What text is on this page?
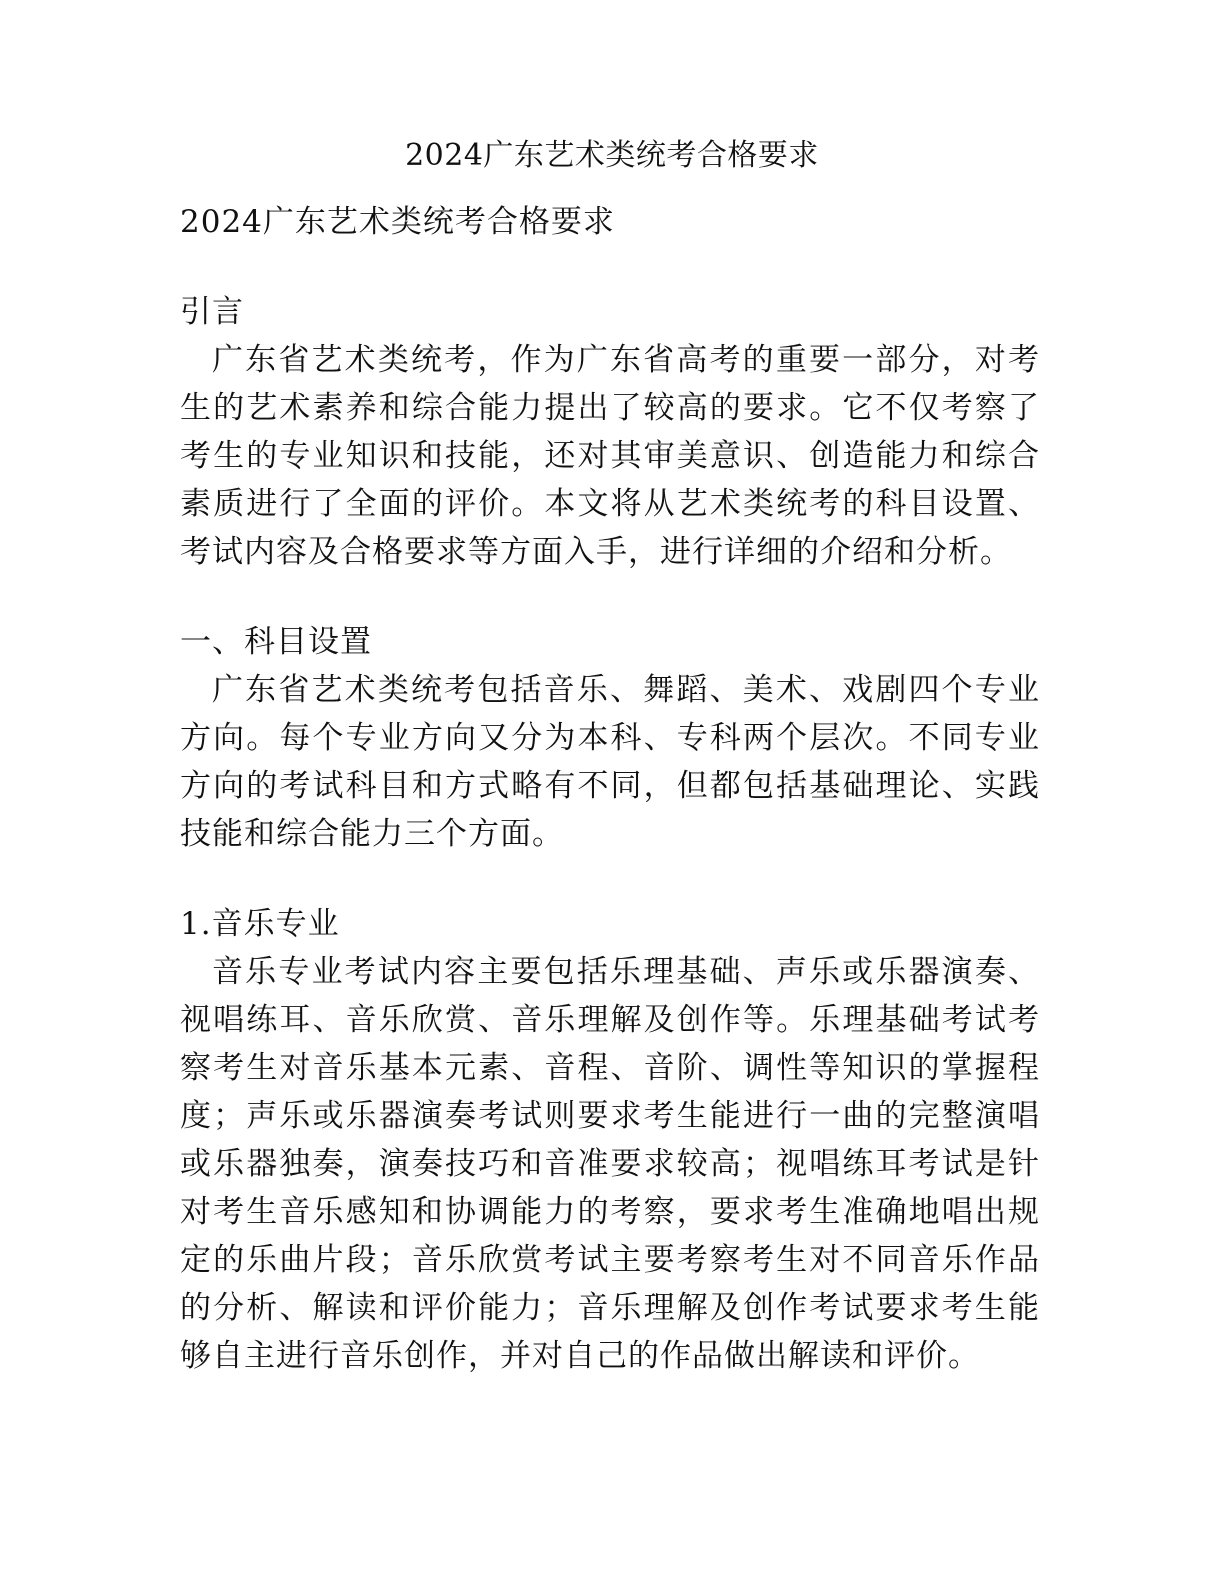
2024广东艺术类统考合格要求

2024广东艺术类统考合格要求

引言

广东省艺术类统考，作为广东省高考的重要一部分，对考生的艺术素养和综合能力提出了较高的要求。它不仅考察了考生的专业知识和技能，还对其审美意识、创造能力和综合素质进行了全面的评价。本文将从艺术类统考的科目设置、考试内容及合格要求等方面入手，进行详细的介绍和分析。

一、科目设置

广东省艺术类统考包括音乐、舞蹈、美术、戏剧四个专业方向。每个专业方向又分为本科、专科两个层次。不同专业方向的考试科目和方式略有不同，但都包括基础理论、实践技能和综合能力三个方面。

1.音乐专业

音乐专业考试内容主要包括乐理基础、声乐或乐器演奏、视唱练耳、音乐欣赏、音乐理解及创作等。乐理基础考试考察考生对音乐基本元素、音程、音阶、调性等知识的掌握程度；声乐或乐器演奏考试则要求考生能进行一曲的完整演唱或乐器独奏，演奏技巧和音准要求较高；视唱练耳考试是针对考生音乐感知和协调能力的考察，要求考生准确地唱出规定的乐曲片段；音乐欣赏考试主要考察考生对不同音乐作品的分析、解读和评价能力；音乐理解及创作考试要求考生能够自主进行音乐创作，并对自己的作品做出解读和评价。
